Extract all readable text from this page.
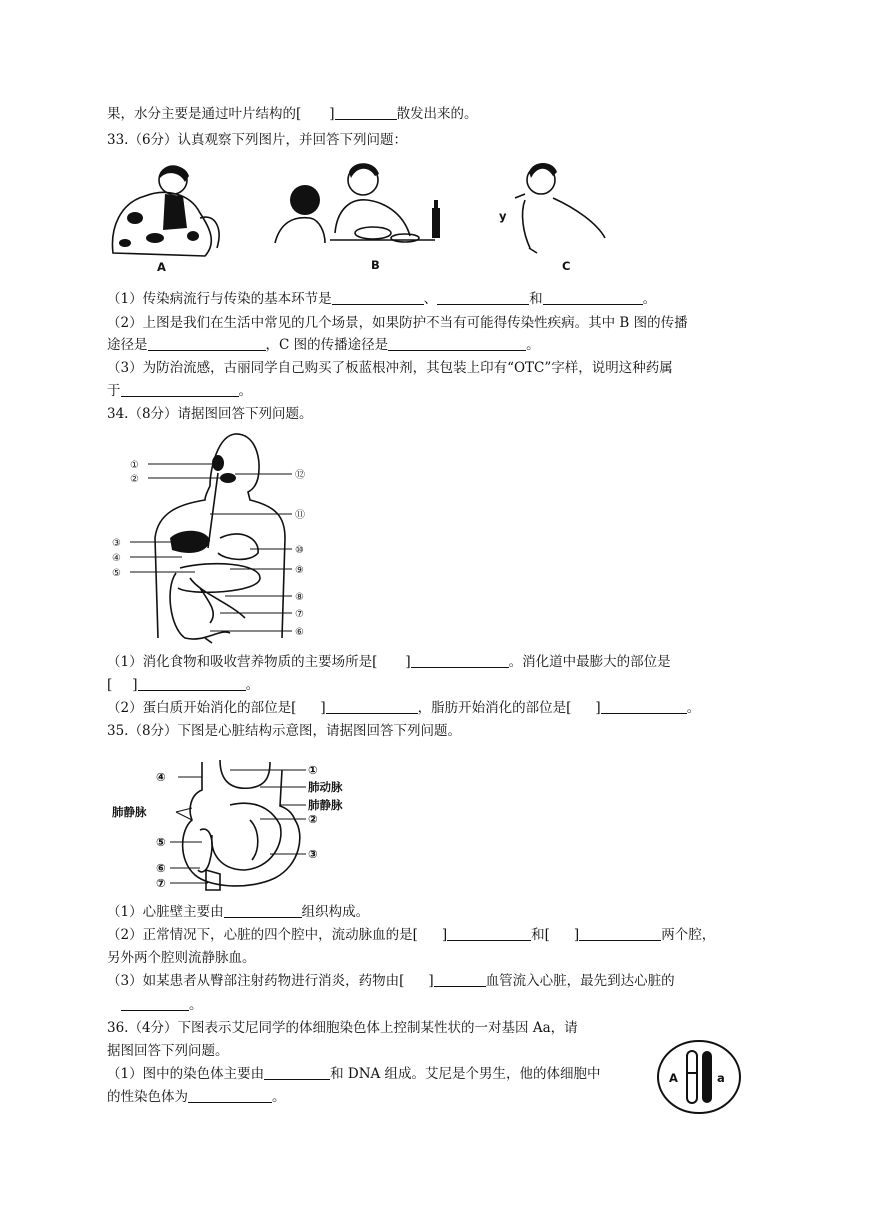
果，水分主要是通过叶片结构的[ ]	散发出来的。
33.（6分）认真观察下列图片，并回答下列问题：
A	B
y
C
（1）传染病流行与传染的基本环节是	、	和	。
（2）上图是我们在生活中常见的几个场景，如果防护不当有可能得传染性疾病。其中 B 图的传播
途径是	，C 图的传播途径是	。
（3）为防治流感，古丽同学自己购买了板蓝根冲剂，其包装上印有“OTC”字样，说明这种药属
于	。
34.（8分）请据图回答下列问题。
①
②
③
④
⑤
⑫
⑪
⑩
⑨
⑧
⑦
⑥
（1）消化食物和吸收营养物质的主要场所是[ ]	。消化道中最膨大的部位是
[ ]	。
（2）蛋白质开始消化的部位是[ ]	，脂肪开始消化的部位是[ ]	。
35.（8分）下图是心脏结构示意图，请据图回答下列问题。
④
肺静脉
⑤
⑥
⑦
①
肺动脉
肺静脉
②
③
（1）心脏壁主要由	组织构成。
（2）正常情况下，心脏的四个腔中，流动脉血的是[ ]	和[ ]	两个腔，
另外两个腔则流静脉血。
（3）如某患者从臀部注射药物进行消炎，药物由[ ]	血管流入心脏，最先到达心脏的
。
36.（4分）下图表示艾尼同学的体细胞染色体上控制某性状的一对基因 Aa，请
据图回答下列问题。
（1）图中的染色体主要由	和 DNA 组成。艾尼是个男生，他的体细胞中
的性染色体为	。
A	a
